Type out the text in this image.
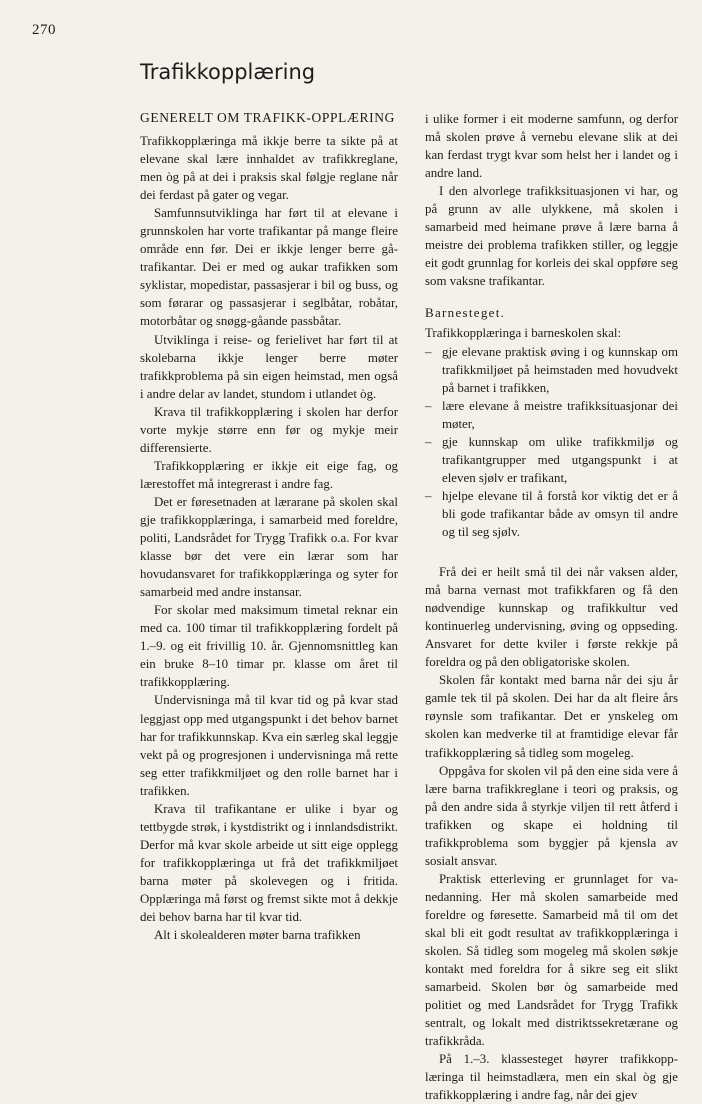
270
Trafikkopplæring
GENERELT OM TRAFIKK-OPPLÆRING

Trafikkopplæringa må ikkje berre ta sikte på at elevane skal lære innhaldet av trafikkreglane, men òg på at dei i praksis skal følgje reglane når dei ferdast på gater og vegar.

Samfunnsutviklinga har ført til at elevane i grunnskolen har vorte trafikantar på mange fleire område enn før. Dei er ikkje lenger berre gå-trafikantar. Dei er med og aukar trafikken som syklistar, mopedistar, passasjerar i bil og buss, og som førarar og passasjerar i seglbåtar, robåtar, motorbåtar og snøgg-gåande passbåtar.

Utviklinga i reise- og ferielivet har ført til at skolebarna ikkje lenger berre møter trafikkproblema på sin eigen heimstad, men også i andre delar av landet, stundom i utlandet òg.

Krava til trafikkopplæring i skolen har derfor vorte mykje større enn før og mykje meir differensierte.

Trafikkopplæring er ikkje eit eige fag, og lærestoffet må integrerast i andre fag.

Det er føresetnaden at lærarane på skolen skal gje trafikkopplæringa, i samarbeid med foreldre, politi, Landsrådet for Trygg Trafikk o.a. For kvar klasse bør det vere ein lærar som har hovudansvaret for trafikkopplæringa og syter for samarbeid med andre instansar.

For skolar med maksimum timetal reknar ein med ca. 100 timar til trafikkopplæring fordelt på 1.–9. og eit frivillig 10. år. Gjennomsnittleg kan ein bruke 8–10 timar pr. klasse om året til trafikkopplæring.

Undervisninga må til kvar tid og på kvar stad leggjast opp med utgangspunkt i det behov barnet har for trafikkunnskap. Kva ein særleg skal leggje vekt på og progresjonen i undervisninga må rette seg etter trafikkmiljøet og den rolle barnet har i trafikken.

Krava til trafikantane er ulike i byar og tettbygde strøk, i kystdistrikt og i innlandsdistrikt. Derfor må kvar skole arbeide ut sitt eige opplegg for trafikkopplæringa ut frå det trafikkmiljøet barna møter på skolevegen og i fritida. Opplæringa må først og fremst sikte mot å dekkje dei behov barna har til kvar tid.

Alt i skolealderen møter barna trafikken

i ulike former i eit moderne samfunn, og derfor må skolen prøve å vernebu elevane slik at dei kan ferdast trygt kvar som helst her i landet og i andre land.

I den alvorlege trafikksituasjonen vi har, og på grunn av alle ulykkene, må skolen i samarbeid med heimane prøve å lære barna å meistre dei problema trafikken stiller, og leggje eit godt grunnlag for korleis dei skal oppføre seg som vaksne trafikantar.

Barnesteget.

Trafikkopplæringa i barneskolen skal:

– gje elevane praktisk øving i og kunnskap om trafikkmiljøet på heimstaden med hovudvekt på barnet i trafikken,
– lære elevane å meistre trafikksituasjonar dei møter,
– gje kunnskap om ulike trafikkmiljø og trafikantgrupper med utgangspunkt i at eleven sjølv er trafikant,
– hjelpe elevane til å forstå kor viktig det er å bli gode trafikantar både av omsyn til andre og til seg sjølv.

Frå dei er heilt små til dei når vaksen alder, må barna vernast mot trafikkfaren og få den nødvendige kunnskap og trafikkultur ved kontinuerleg undervisning, øving og oppseding. Ansvaret for dette kviler i første rekkje på foreldra og på den obligatoriske skolen.

Skolen får kontakt med barna når dei sju år gamle tek til på skolen. Dei har da alt fleire års røynsle som trafikantar. Det er ynskeleg om skolen kan medverke til at framtidige elevar får trafikkopplæring så tidleg som mogeleg.

Oppgåva for skolen vil på den eine sida vere å lære barna trafikkreglane i teori og praksis, og på den andre sida å styrkje viljen til rett åtferd i trafikken og skape ei holdning til trafikkproblema som byggjer på kjensla av sosialt ansvar.

Praktisk etterleving er grunnlaget for vanedanning. Her må skolen samarbeide med foreldre og føresette. Samarbeid må til om det skal bli eit godt resultat av trafikkopplæringa i skolen. Så tidleg som mogeleg må skolen søkje kontakt med foreldra for å sikre seg eit slikt samarbeid. Skolen bør òg samarbeide med politiet og med Landsrådet for Trygg Trafikk sentralt, og lokalt med distriktssekretærane og trafikkråda.

På 1.–3. klassesteget høyrer trafikkopplæringa til heimstadlæra, men ein skal òg gje trafikkopplæring i andre fag, når dei gjev
